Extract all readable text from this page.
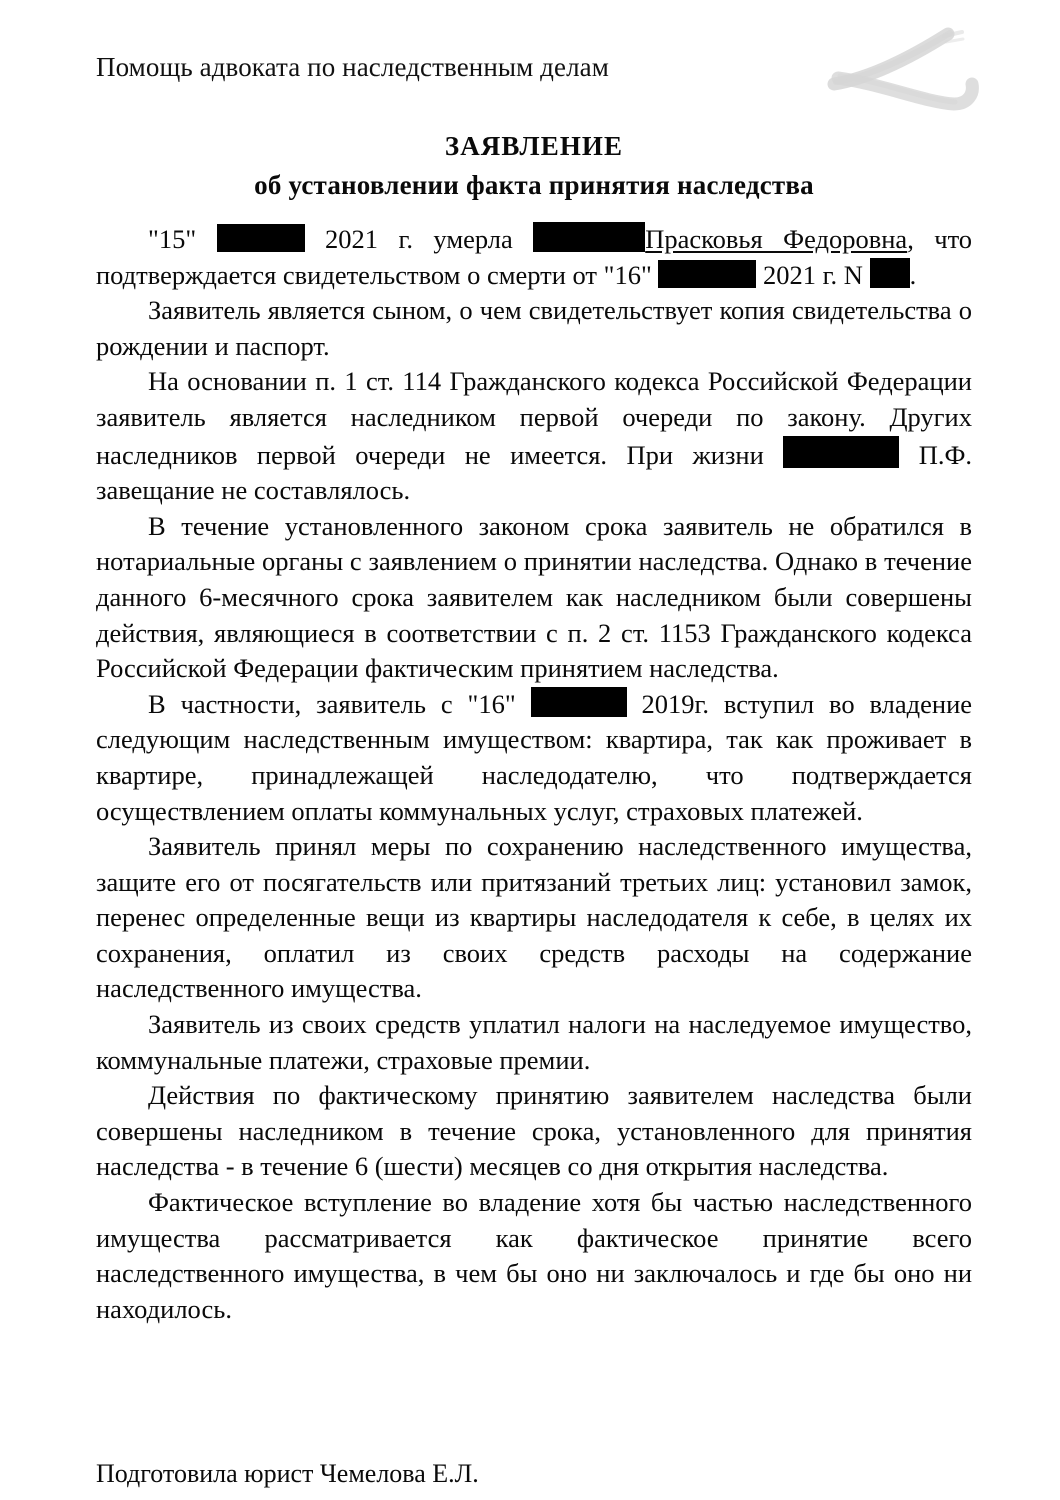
Помощь адвоката по наследственным делам
ЗАЯВЛЕНИЕ
об установлении факта принятия наследства

"15"	2021 г. умерла	Прасковья Федоровна, что подтверждается свидетельством о смерти от "16"	2021 г. N .

Заявитель является сыном, о чем свидетельствует копия свидетельства о рождении и паспорт.

На основании п. 1 ст. 114 Гражданского кодекса Российской Федерации заявитель является наследником первой очереди по закону. Других наследников первой очереди не имеется. При жизни	П.Ф. завещание не составлялось.

В течение установленного законом срока заявитель не обратился в нотариальные органы с заявлением о принятии наследства. Однако в течение данного 6-месячного срока заявителем как наследником были совершены действия, являющиеся в соответствии с п. 2 ст. 1153 Гражданского кодекса Российской Федерации фактическим принятием наследства.

В частности, заявитель с "16"	2019г. вступил во владение следующим наследственным имуществом: квартира, так как проживает в квартире, принадлежащей наследодателю, что подтверждается осуществлением оплаты коммунальных услуг, страховых платежей.

Заявитель принял меры по сохранению наследственного имущества, защите его от посягательств или притязаний третьих лиц: установил замок, перенес определенные вещи из квартиры наследодателя к себе, в целях их сохранения, оплатил из своих средств расходы на содержание наследственного имущества.

Заявитель из своих средств уплатил налоги на наследуемое имущество, коммунальные платежи, страховые премии.

Действия по фактическому принятию заявителем наследства были совершены наследником в течение срока, установленного для принятия наследства - в течение 6 (шести) месяцев со дня открытия наследства.

Фактическое вступление во владение хотя бы частью наследственного имущества рассматривается как фактическое принятие всего наследственного имущества, в чем бы оно ни заключалось и где бы оно ни находилось.

Подготовила юрист Чемелова Е.Л.
